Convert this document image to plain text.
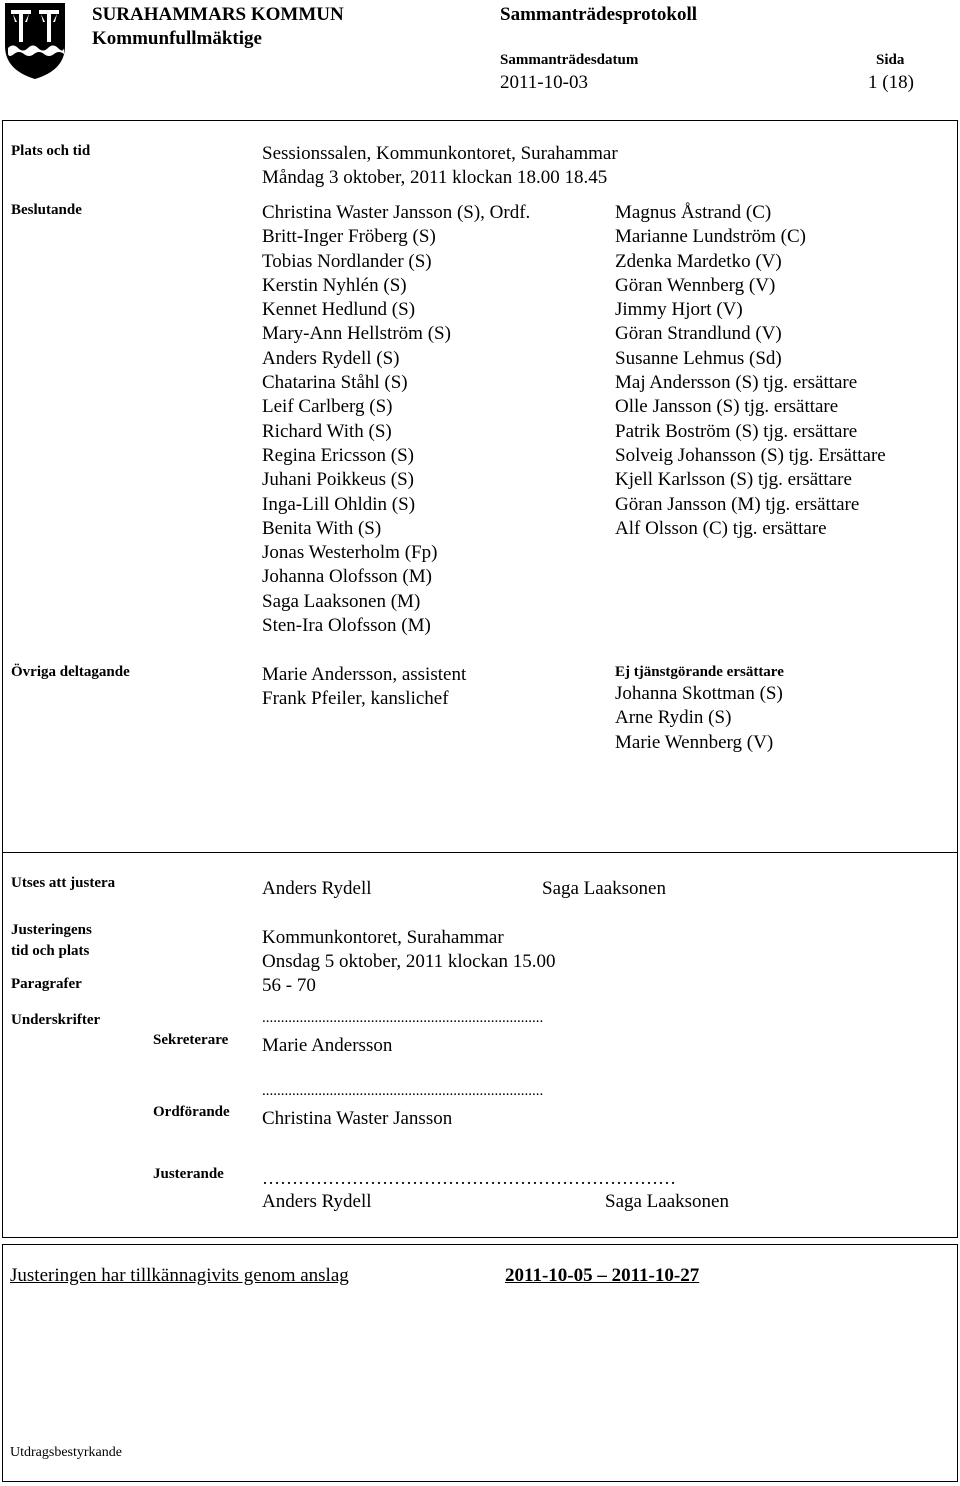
SURAHAMMARS KOMMUN
Kommunfullmäktige
Sammanträdesprotokoll
Sammanträdesdatum
2011-10-03
Sida
1 (18)
Plats och tid	Sessionssalen, Kommunkontoret, Surahammar
Måndag 3 oktober, 2011 klockan 18.00 18.45
Beslutande	Christina Waster Jansson (S), Ordf.
Britt-Inger Fröberg (S)
Tobias Nordlander (S)
Kerstin Nyhlén (S)
Kennet Hedlund (S)
Mary-Ann Hellström (S)
Anders Rydell (S)
Chatarina Ståhl (S)
Leif Carlberg (S)
Richard With (S)
Regina Ericsson (S)
Juhani Poikkeus (S)
Inga-Lill Ohldin (S)
Benita With (S)
Jonas Westerholm (Fp)
Johanna Olofsson (M)
Saga Laaksonen (M)
Sten-Ira Olofsson (M)
Magnus Åstrand (C)
Marianne Lundström (C)
Zdenka Mardetko (V)
Göran Wennberg (V)
Jimmy Hjort (V)
Göran Strandlund (V)
Susanne Lehmus (Sd)
Maj Andersson (S) tjg. ersättare
Olle Jansson (S) tjg. ersättare
Patrik Boström (S) tjg. ersättare
Solveig Johansson (S) tjg. Ersättare
Kjell Karlsson (S) tjg. ersättare
Göran Jansson (M) tjg. ersättare
Alf Olsson (C) tjg. ersättare
Övriga deltagande	Marie Andersson, assistent
Frank Pfeiler, kanslichef
Ej tjänstgörande ersättare
Johanna Skottman (S)
Arne Rydin (S)
Marie Wennberg (V)
Utses att justera	Anders Rydell	Saga Laaksonen
Justeringens
tid och plats
Kommunkontoret, Surahammar
Onsdag 5 oktober, 2011 klockan 15.00
Paragrafer	56 - 70
Underskrifter	...........................................................................
Sekreterare Marie Andersson
...........................................................................
Ordförande Christina Waster Jansson
Justerande ……………………………………………………………
Anders Rydell	Saga Laaksonen
Justeringen har tillkännagivits genom anslag	2011-10-05 – 2011-10-27
Utdragsbestyrkande
